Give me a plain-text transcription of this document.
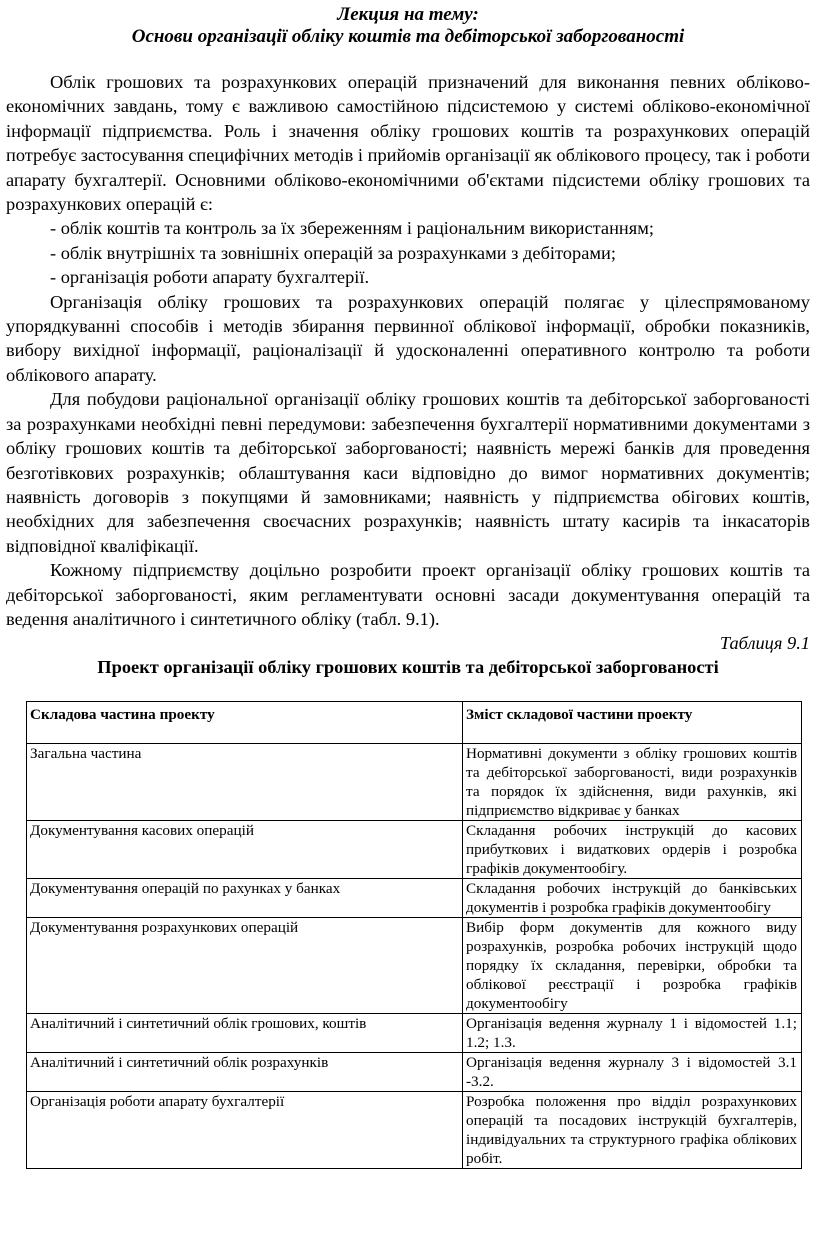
Лекция на тему:
Основи організації обліку коштів та дебіторської заборгованості

Облік грошових та розрахункових операцій призначений для виконання певних обліково-економічних завдань, тому є важливою самостійною підсистемою у системі обліково-економічної інформації підприємства. Роль і значення обліку грошових коштів та розрахункових операцій потребує застосування специфічних методів і прийомів організації як облікового процесу, так і роботи апарату бухгалтерії. Основними обліково-економічними об'єктами підсистеми обліку грошових та розрахункових операцій є:

- облік коштів та контроль за їх збереженням і раціональним використанням;
- облік внутрішніх та зовнішніх операцій за розрахунками з дебіторами;
- організація роботи апарату бухгалтерії.

Організація обліку грошових та розрахункових операцій полягає у цілеспрямованому упорядкуванні способів і методів збирання первинної облікової інформації, обробки показників, вибору вихідної інформації, раціоналізації й удосконаленні оперативного контролю та роботи облікового апарату.

Для побудови раціональної організації обліку грошових коштів та дебіторської заборгованості за розрахунками необхідні певні передумови: забезпечення бухгалтерії нормативними документами з обліку грошових коштів та дебіторської заборгованості; наявність мережі банків для проведення безготівкових розрахунків; облаштування каси відповідно до вимог нормативних документів; наявність договорів з покупцями й замовниками; наявність у підприємства обігових коштів, необхідних для забезпечення своєчасних розрахунків; наявність штату касирів та інкасаторів відповідної кваліфікації.

Кожному підприємству доцільно розробити проект організації обліку грошових коштів та дебіторської заборгованості, яким регламентувати основні засади документування операцій та ведення аналітичного і синтетичного обліку (табл. 9.1).

Таблиця 9.1

Проект організації обліку грошових коштів та дебіторської заборгованості

Складова частина проекту	Зміст складової частини проекту
Загальна частина	Нормативні документи з обліку грошових коштів та дебіторської заборгованості, види розрахунків та порядок їх здійснення, види рахунків, які підприємство відкриває у банках
Документування касових операцій	Складання робочих інструкцій до касових прибуткових і видаткових ордерів і розробка графіків документообігу.
Документування операцій по рахунках у банках	Складання робочих інструкцій до банківських документів і розробка графіків документообігу
Документування розрахункових операцій	Вибір форм документів для кожного виду розрахунків, розробка робочих інструкцій щодо порядку їх складання, перевірки, обробки та облікової реєстрації і розробка графіків документообігу
Аналітичний і синтетичний облік грошових, коштів	Організація ведення журналу 1 і відомостей 1.1; 1.2; 1.3.
Аналітичний і синтетичний облік розрахунків	Організація ведення журналу 3 і відомостей 3.1 -3.2.
Організація роботи апарату бухгалтерії	Розробка положення про відділ розрахункових операцій та посадових інструкцій бухгалтерів, індивідуальних та структурного графіка облікових робіт.
